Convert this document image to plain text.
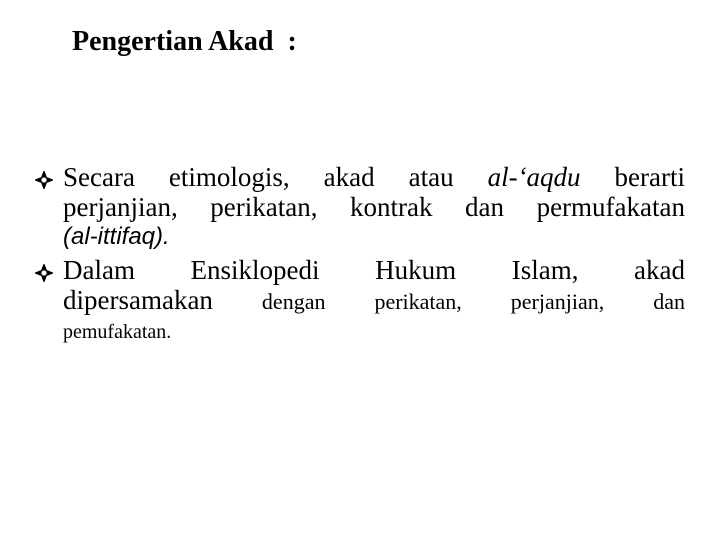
Pengertian Akad  :
Secara etimologis, akad atau al-‘aqdu berarti
perjanjian, perikatan, kontrak dan permufakatan
(al-ittifaq).
Dalam Ensiklopedi Hukum Islam, akad
dipersamakan dengan perikatan, perjanjian, dan
pemufakatan.
